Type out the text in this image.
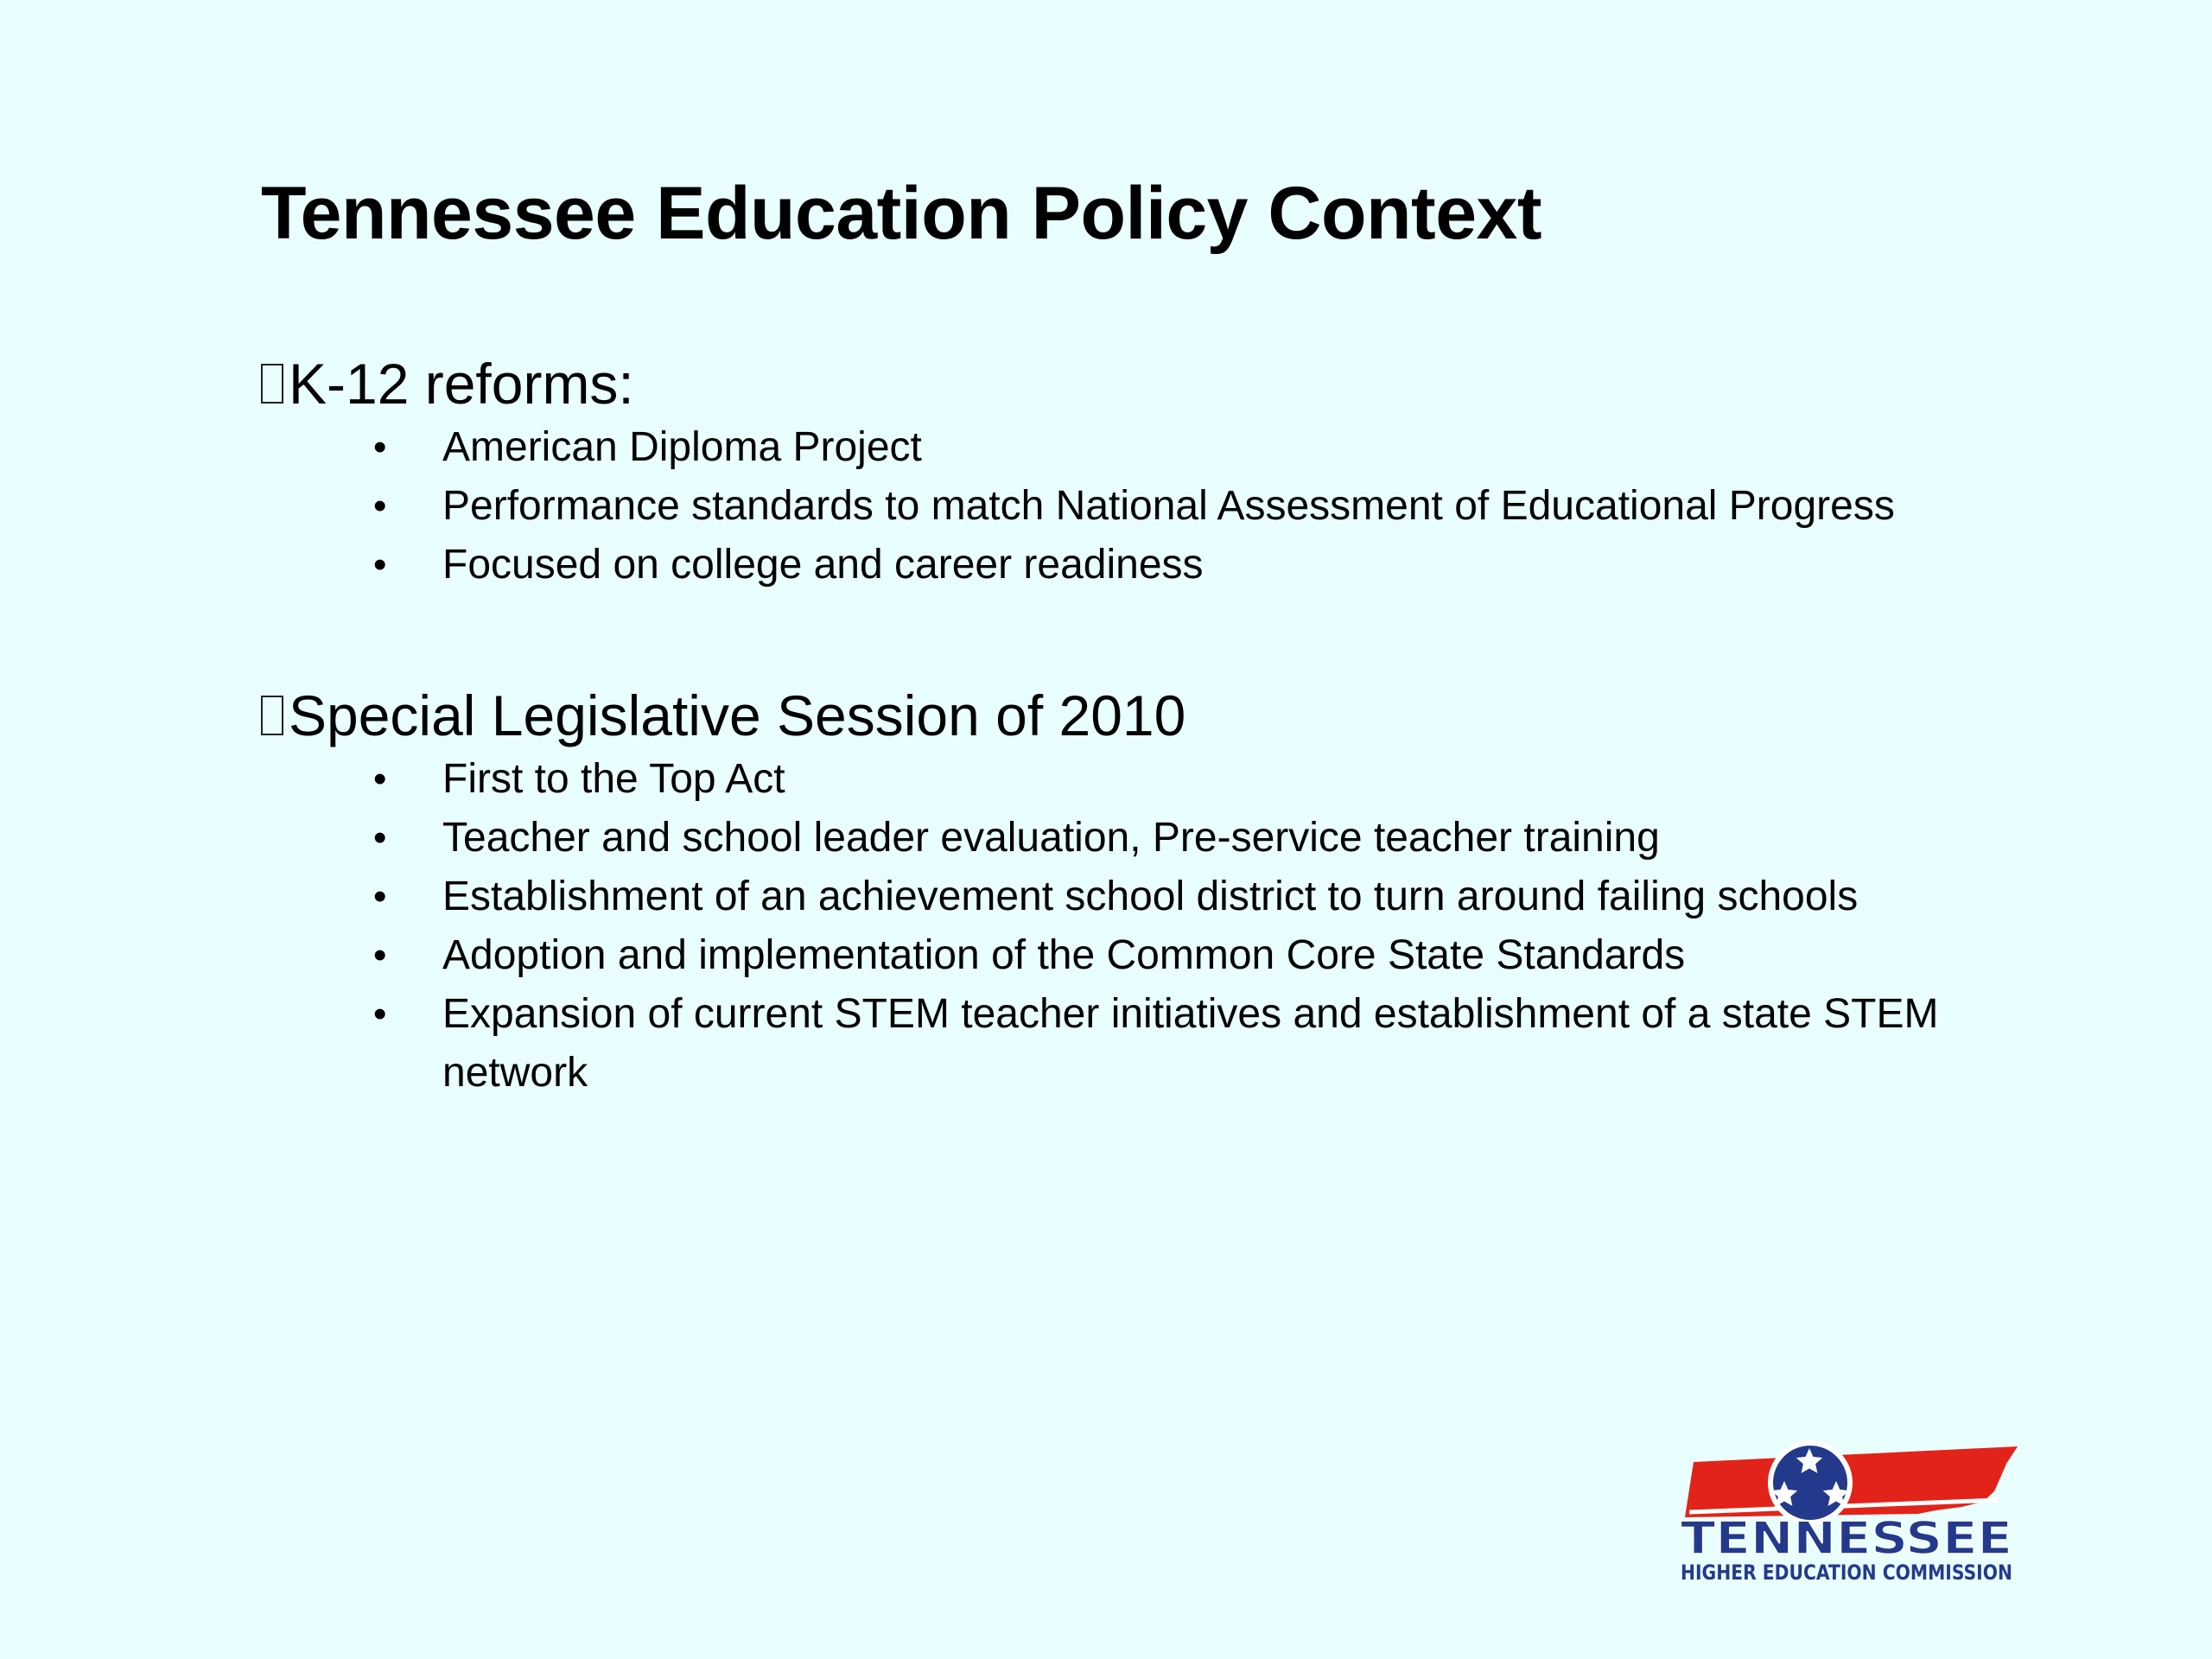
Tennessee Education Policy Context
K-12 reforms:
• American Diploma Project
• Performance standards to match National Assessment of Educational Progress
• Focused on college and career readiness
Special Legislative Session of 2010
• First to the Top Act
• Teacher and school leader evaluation, Pre-service teacher training
• Establishment of an achievement school district to turn around failing schools
• Adoption and implementation of the Common Core State Standards
• Expansion of current STEM teacher initiatives and establishment of a state STEM network
TENNESSEE
HIGHER EDUCATION COMMISSION
